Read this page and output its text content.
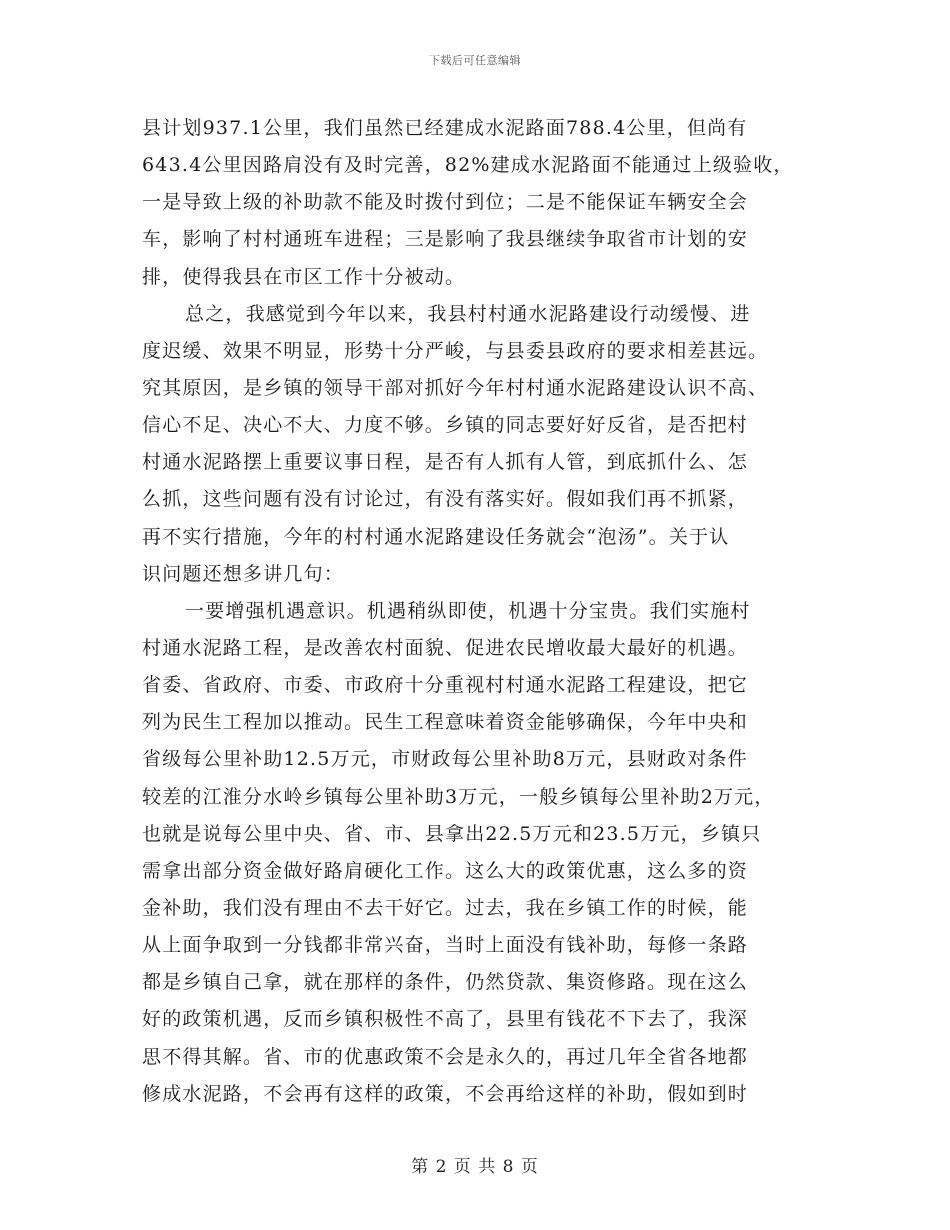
下载后可任意编辑
县计划937.1公里，我们虽然已经建成水泥路面788.4公里，但尚有
643.4公里因路肩没有及时完善，82%建成水泥路面不能通过上级验收，
一是导致上级的补助款不能及时拨付到位；二是不能保证车辆安全会
车，影响了村村通班车进程；三是影响了我县继续争取省市计划的安
排，使得我县在市区工作十分被动。
总之，我感觉到今年以来，我县村村通水泥路建设行动缓慢、进
度迟缓、效果不明显，形势十分严峻，与县委县政府的要求相差甚远。
究其原因，是乡镇的领导干部对抓好今年村村通水泥路建设认识不高、
信心不足、决心不大、力度不够。乡镇的同志要好好反省，是否把村
村通水泥路摆上重要议事日程，是否有人抓有人管，到底抓什么、怎
么抓，这些问题有没有讨论过，有没有落实好。假如我们再不抓紧，
再不实行措施，今年的村村通水泥路建设任务就会“泡汤”。关于认
识问题还想多讲几句：
一要增强机遇意识。机遇稍纵即使，机遇十分宝贵。我们实施村
村通水泥路工程，是改善农村面貌、促进农民增收最大最好的机遇。
省委、省政府、市委、市政府十分重视村村通水泥路工程建设，把它
列为民生工程加以推动。民生工程意味着资金能够确保，今年中央和
省级每公里补助12.5万元，市财政每公里补助8万元，县财政对条件
较差的江淮分水岭乡镇每公里补助3万元，一般乡镇每公里补助2万元，
也就是说每公里中央、省、市、县拿出22.5万元和23.5万元，乡镇只
需拿出部分资金做好路肩硬化工作。这么大的政策优惠，这么多的资
金补助，我们没有理由不去干好它。过去，我在乡镇工作的时候，能
从上面争取到一分钱都非常兴奋，当时上面没有钱补助，每修一条路
都是乡镇自己拿，就在那样的条件，仍然贷款、集资修路。现在这么
好的政策机遇，反而乡镇积极性不高了，县里有钱花不下去了，我深
思不得其解。省、市的优惠政策不会是永久的，再过几年全省各地都
修成水泥路，不会再有这样的政策，不会再给这样的补助，假如到时
第 2 页 共 8 页
